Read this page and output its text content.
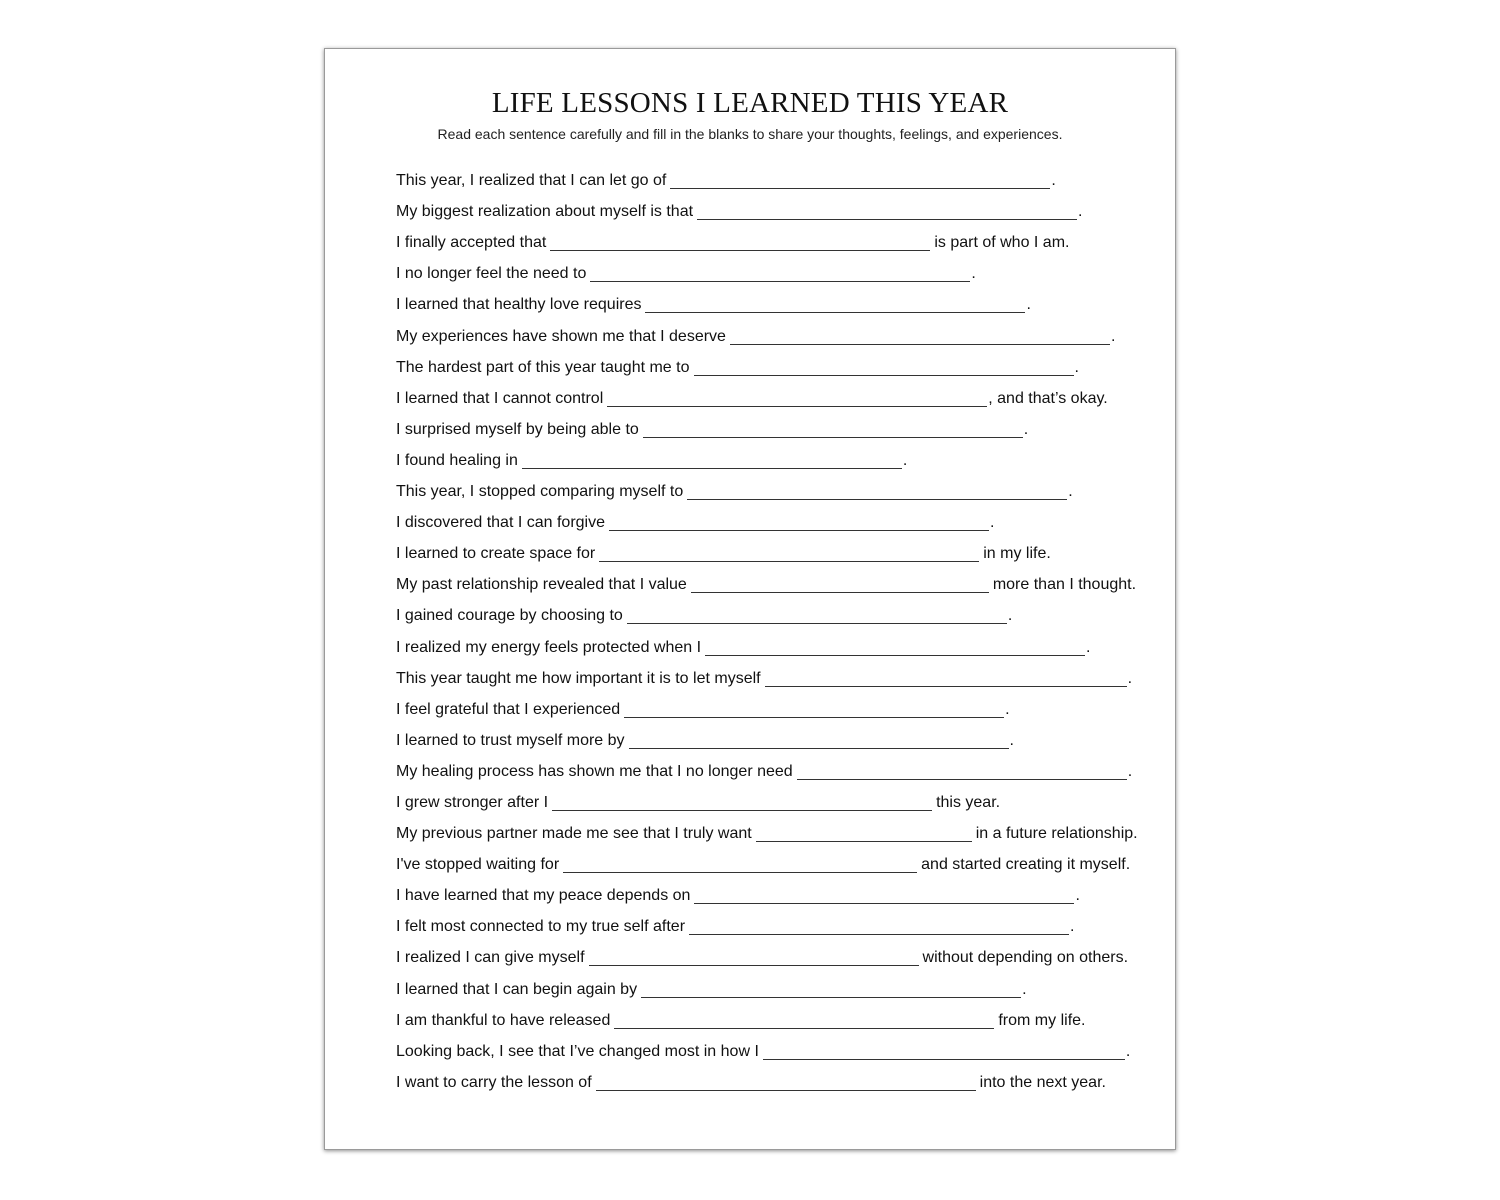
LIFE LESSONS I LEARNED THIS YEAR
Read each sentence carefully and fill in the blanks to share your thoughts, feelings, and experiences.
This year, I realized that I can let go of	.
My biggest realization about myself is that	.
I finally accepted that	is part of who I am.
I no longer feel the need to	.
I learned that healthy love requires	.
My experiences have shown me that I deserve	.
The hardest part of this year taught me to	.
I learned that I cannot control	, and that’s okay.
I surprised myself by being able to	.
I found healing in	.
This year, I stopped comparing myself to	.
I discovered that I can forgive	.
I learned to create space for	in my life.
My past relationship revealed that I value	more than I thought.
I gained courage by choosing to	.
I realized my energy feels protected when I	.
This year taught me how important it is to let myself	.
I feel grateful that I experienced	.
I learned to trust myself more by	.
My healing process has shown me that I no longer need	.
I grew stronger after I	this year.
My previous partner made me see that I truly want	in a future relationship.
I've stopped waiting for	and started creating it myself.
I have learned that my peace depends on	.
I felt most connected to my true self after	.
I realized I can give myself	without depending on others.
I learned that I can begin again by	.
I am thankful to have released	from my life.
Looking back, I see that I’ve changed most in how I	.
I want to carry the lesson of	into the next year.
